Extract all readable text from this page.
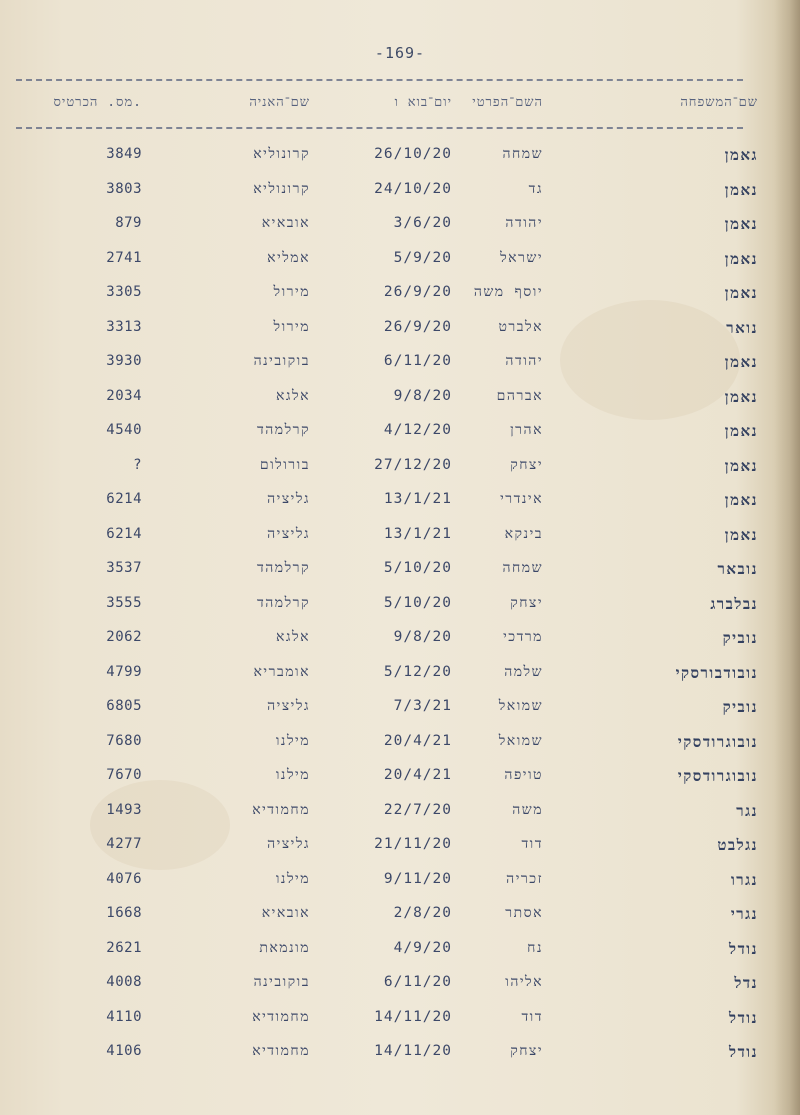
-169-
שם־המשפחה
השם־הפרטי
יום־בוא ו
שם־האניה
מס. הכרטיס.
גאמן
שמחה
26/10/20
קרונוליא
3849
נאמן
גד
24/10/20
קרונוליא
3803
נאמן
יהודה
3/6/20
אובאיא
879
נאמן
ישראל
5/9/20
אמליא
2741
נאמן
יוסף משה
26/9/20
מירול
3305
נואר
אלברט
26/9/20
מירול
3313
נאמן
יהודה
6/11/20
בוקובינה
3930
נאמן
אברהם
9/8/20
אלגא
2034
נאמן
אהרן
4/12/20
קרלמהד
4540
נאמן
יצחק
27/12/20
בורולום
?
נאמן
אינדרי
13/1/21
גליציה
6214
נאמן
בינקא
13/1/21
גליציה
6214
נובאר
שמחה
5/10/20
קרלמהד
3537
נבלברג
יצחק
5/10/20
קרלמהד
3555
נוביק
מרדכי
9/8/20
אלגא
2062
נובודבורסקי
שלמה
5/12/20
אומבריא
4799
נוביק
שמואל
7/3/21
גליציה
6805
נובוגרודסקי
שמואל
20/4/21
מילנו
7680
נובוגרודסקי
טויפה
20/4/21
מילנו
7670
נגר
משה
22/7/20
מחמודיא
1493
נגלבט
דוד
21/11/20
גליציה
4277
נגרו
זכריה
9/11/20
מילנו
4076
נגרי
אסתר
2/8/20
אובאיא
1668
נודל
נח
4/9/20
מונמאת
2621
נדל
אליהו
6/11/20
בוקובינה
4008
נודל
דוד
14/11/20
מחמודיא
4110
נודל
יצחק
14/11/20
מחמודיא
4106
